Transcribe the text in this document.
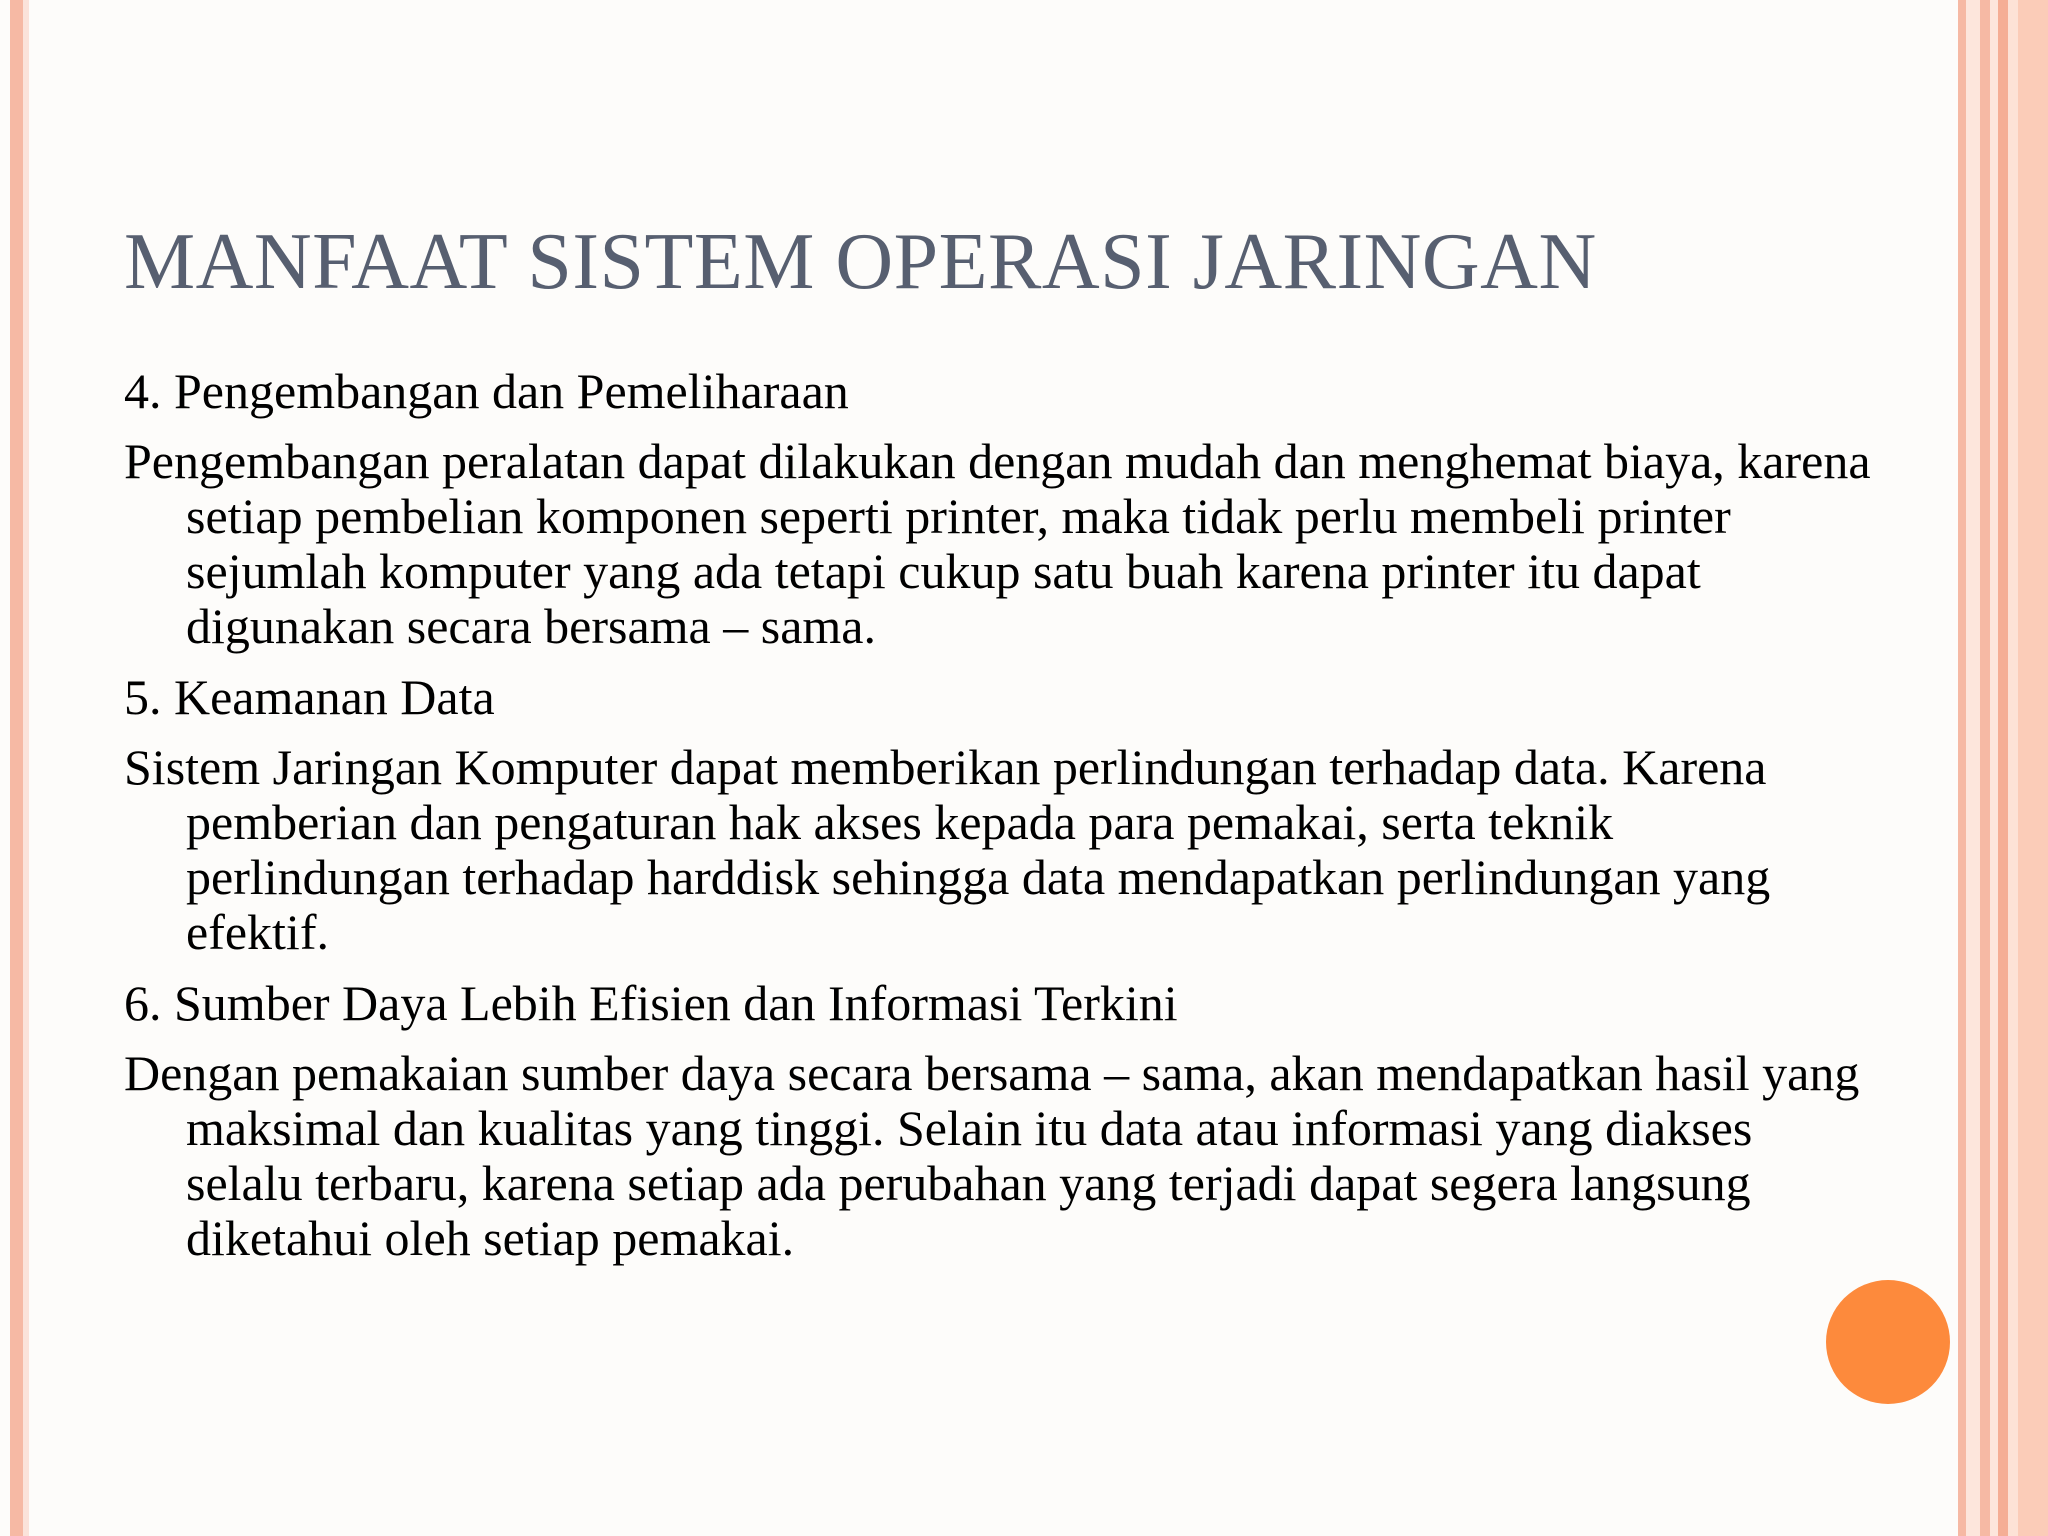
MANFAAT SISTEM OPERASI JARINGAN

4. Pengembangan dan Pemeliharaan

Pengembangan peralatan dapat dilakukan dengan mudah dan menghemat biaya, karena setiap pembelian komponen seperti printer, maka tidak perlu membeli printer sejumlah komputer yang ada tetapi cukup satu buah karena printer itu dapat digunakan secara bersama – sama.

5. Keamanan Data

Sistem Jaringan Komputer dapat memberikan perlindungan terhadap data. Karena pemberian dan pengaturan hak akses kepada para pemakai, serta teknik perlindungan terhadap harddisk sehingga data mendapatkan perlindungan yang efektif.

6. Sumber Daya Lebih Efisien dan Informasi Terkini

Dengan pemakaian sumber daya secara bersama – sama, akan mendapatkan hasil yang maksimal dan kualitas yang tinggi. Selain itu data atau informasi yang diakses selalu terbaru, karena setiap ada perubahan yang terjadi dapat segera langsung diketahui oleh setiap pemakai.
